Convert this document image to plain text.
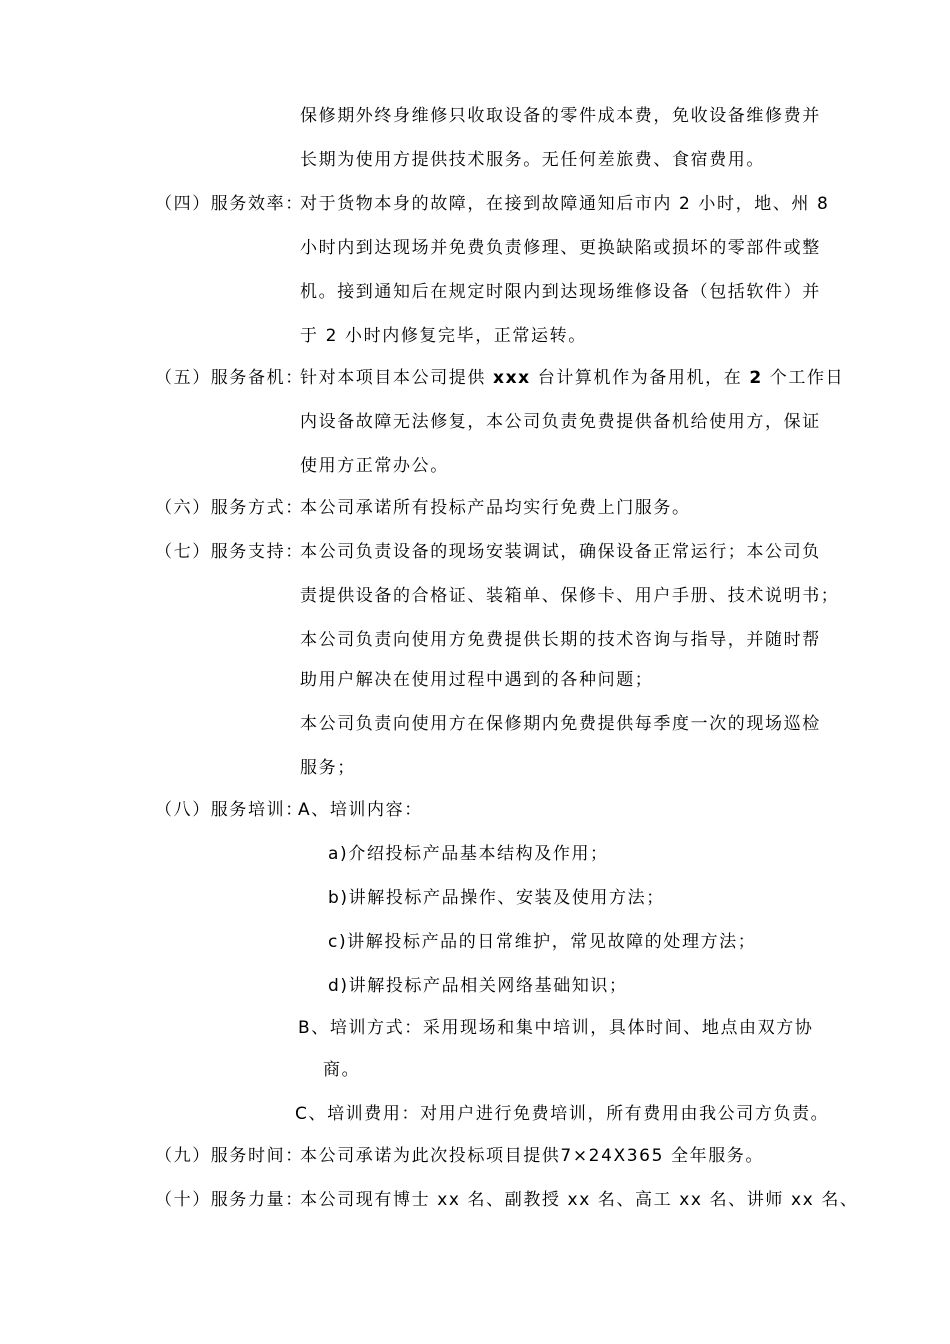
保修期外终身维修只收取设备的零件成本费，免收设备维修费并
长期为使用方提供技术服务。无任何差旅费、食宿费用。
（四）服务效率：
对于货物本身的故障，在接到故障通知后市内 2 小时，地、州 8
小时内到达现场并免费负责修理、更换缺陷或损坏的零部件或整
机。接到通知后在规定时限内到达现场维修设备（包括软件）并
于 2 小时内修复完毕，正常运转。
（五）服务备机：
针对本项目本公司提供 xxx 台计算机作为备用机，在 2 个工作日
内设备故障无法修复，本公司负责免费提供备机给使用方，保证
使用方正常办公。
（六）服务方式：
本公司承诺所有投标产品均实行免费上门服务。
（七）服务支持：
本公司负责设备的现场安装调试，确保设备正常运行；本公司负
责提供设备的合格证、装箱单、保修卡、用户手册、技术说明书；
本公司负责向使用方免费提供长期的技术咨询与指导，并随时帮
助用户解决在使用过程中遇到的各种问题；
本公司负责向使用方在保修期内免费提供每季度一次的现场巡检
服务；
（八）服务培训：
A、培训内容：
a)介绍投标产品基本结构及作用；
b)讲解投标产品操作、安装及使用方法；
c)讲解投标产品的日常维护，常见故障的处理方法；
d)讲解投标产品相关网络基础知识；
B、培训方式：采用现场和集中培训，具体时间、地点由双方协
商。
C、培训费用：对用户进行免费培训，所有费用由我公司方负责。
（九）服务时间：
本公司承诺为此次投标项目提供7×24X365 全年服务。
（十）服务力量：
本公司现有博士 xx 名、副教授 xx 名、高工 xx 名、讲师 xx 名、
